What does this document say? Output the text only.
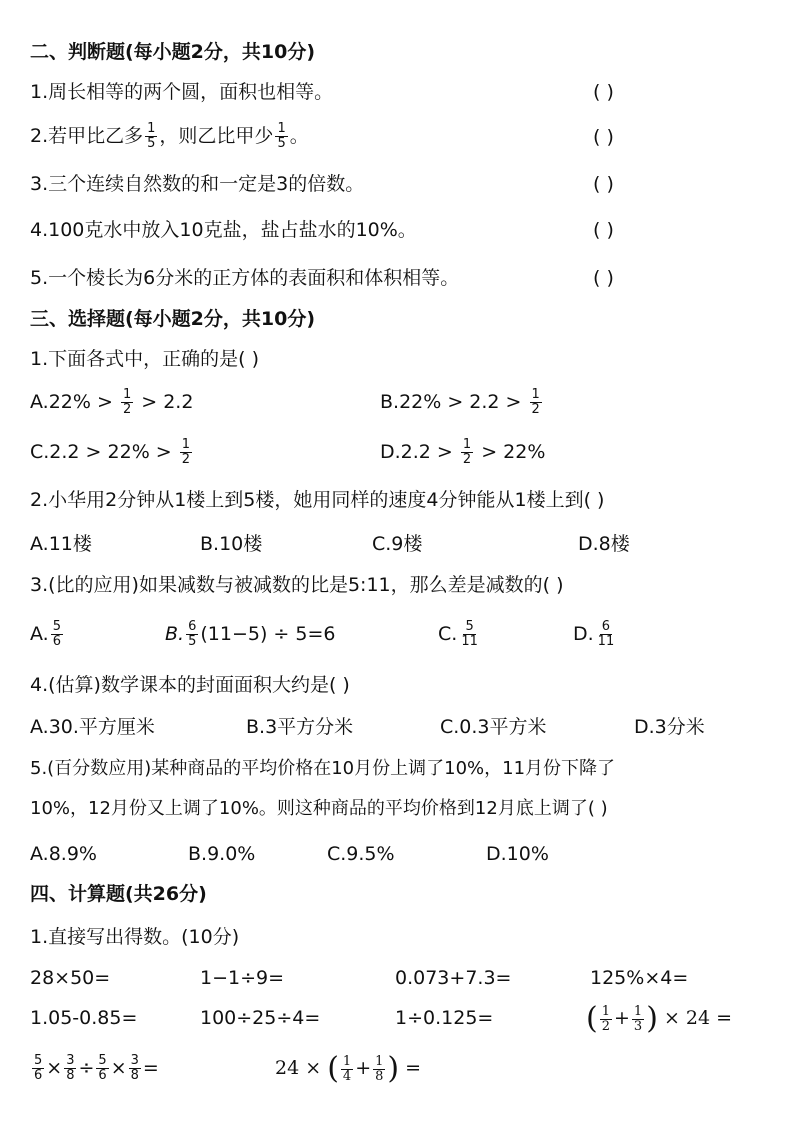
二、判断题(每小题2分，共10分)
1.周长相等的两个圆，面积也相等。	( )
2.若甲比乙多 $\frac{1}{5}$ ，则乙比甲少 $\frac{1}{5}$ 。	( )
3.三个连续自然数的和一定是3的倍数。	( )
4.100克水中放入10克盐，盐占盐水的10%。	( )
5.一个棱长为6分米的正方体的表面积和体积相等。	( )
三、选择题(每小题2分，共10分)
1.下面各式中，正确的是( )
$A.22\% > \frac{1}{2} > 2.2$	$B.22\% > 2.2 > \frac{1}{2}$
$C.2.2 > 22\% > \frac{1}{2}$	$D.2.2 > \frac{1}{2} > 22\%$
2.小华用2分钟从1楼上到5楼，她用同样的速度4分钟能从1楼上到( )
A.11楼	B.10楼	C.9楼	D.8楼
3.(比的应用)如果减数与被减数的比是5:11，那么差是减数的( )
A. $\frac{5}{6}$	B. $\frac{6}{5} (11-5) \div 5=6$	C. $\frac{5}{11}$	D. $\frac{6}{11}$
4.(估算)数学课本的封面面积大约是( )
A.30.平方厘米	B.3平方分米	C.0.3平方米	D.3分米
5.(百分数应用)某种商品的平均价格在10月份上调了10%，11月份下降了
10%，12月份又上调了10%。则这种商品的平均价格到12月底上调了( )
A.8.9%	B.9.0%	C.9.5%	D.10%
四、计算题(共26分)
1.直接写出得数。(10分)
28×50=	1−1÷9=	0.073+7.3=	125%×4=
1.05-0.85=	100÷25÷4=	1÷0.125=	( $\frac{1}{2} + \frac{1}{3}$ ) × 24 =
$\frac{5}{6} \times \frac{3}{8} \div \frac{5}{6} \times \frac{3}{8}$ =	24 × ( $\frac{1}{4} + \frac{1}{8}$ ) =
